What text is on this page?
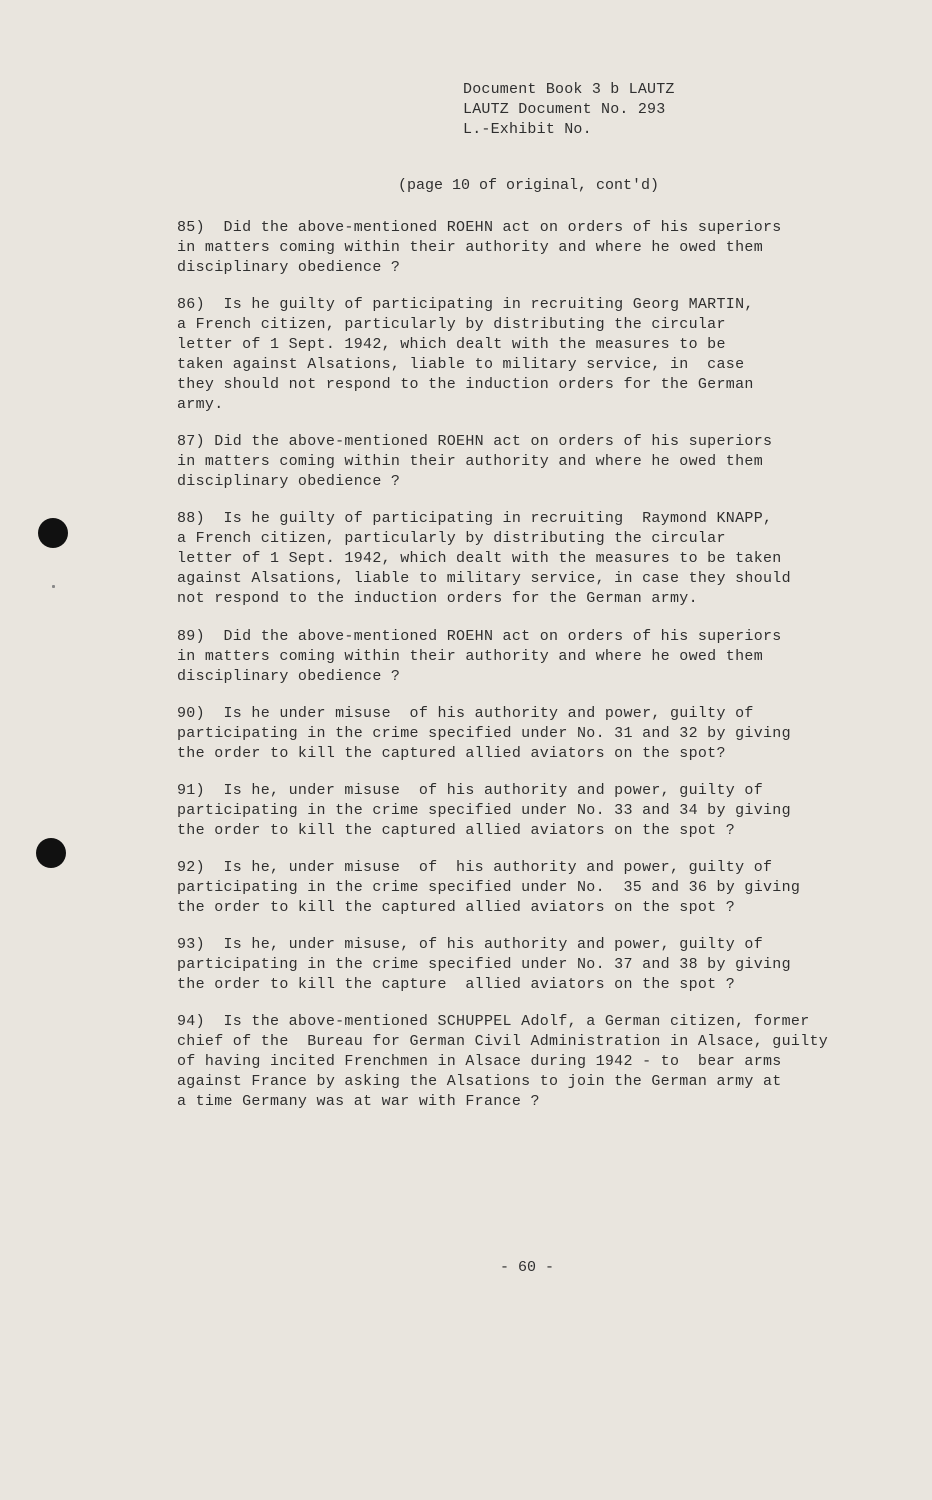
Document Book 3 b LAUTZ
LAUTZ Document No. 293
L.-Exhibit No.
(page 10 of original, cont'd)
85)  Did the above-mentioned ROEHN act on orders of his superiors
in matters coming within their authority and where he owed them
disciplinary obedience ?
86)  Is he guilty of participating in recruiting Georg MARTIN,
a French citizen, particularly by distributing the circular
letter of 1 Sept. 1942, which dealt with the measures to be
taken against Alsations, liable to military service, in  case
they should not respond to the induction orders for the German
army.
87) Did the above-mentioned ROEHN act on orders of his superiors
in matters coming within their authority and where he owed them
disciplinary obedience ?
88)  Is he guilty of participating in recruiting  Raymond KNAPP,
a French citizen, particularly by distributing the circular
letter of 1 Sept. 1942, which dealt with the measures to be taken
against Alsations, liable to military service, in case they should
not respond to the induction orders for the German army.
89)  Did the above-mentioned ROEHN act on orders of his superiors
in matters coming within their authority and where he owed them
disciplinary obedience ?
90)  Is he under misuse  of his authority and power, guilty of
participating in the crime specified under No. 31 and 32 by giving
the order to kill the captured allied aviators on the spot?
91)  Is he, under misuse  of his authority and power, guilty of
participating in the crime specified under No. 33 and 34 by giving
the order to kill the captured allied aviators on the spot ?
92)  Is he, under misuse  of  his authority and power, guilty of
participating in the crime specified under No.  35 and 36 by giving
the order to kill the captured allied aviators on the spot ?
93)  Is he, under misuse, of his authority and power, guilty of
participating in the crime specified under No. 37 and 38 by giving
the order to kill the capture  allied aviators on the spot ?
94)  Is the above-mentioned SCHUPPEL Adolf, a German citizen, former
chief of the  Bureau for German Civil Administration in Alsace, guilty
of having incited Frenchmen in Alsace during 1942 - to  bear arms
against France by asking the Alsations to join the German army at
a time Germany was at war with France ?
- 60 -
